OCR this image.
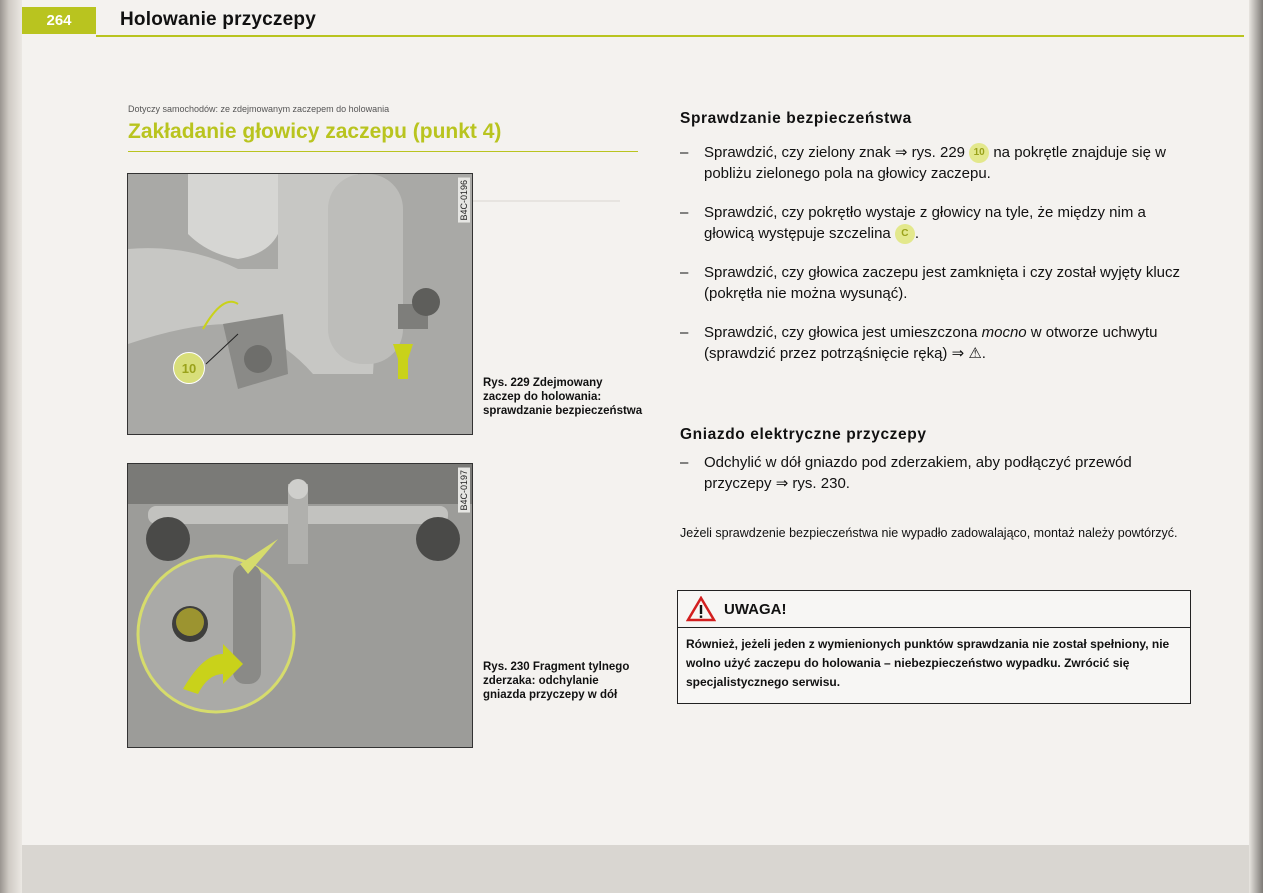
264	Holowanie przyczepy
Dotyczy samochodów: ze zdejmowanym zaczepem do holowania
Zakładanie głowicy zaczepu (punkt 4)
10
B4C-0196
Rys. 229 Zdejmowany zaczep do holowania: sprawdzanie bezpieczeństwa
B4C-0197
Rys. 230 Fragment tylnego zderzaka: odchylanie gniazda przyczepy w dół
Sprawdzanie bezpieczeństwa
– Sprawdzić, czy zielony znak ⇒ rys. 229 10 na pokrętle znajduje się w pobliżu zielonego pola na głowicy zaczepu.
– Sprawdzić, czy pokrętło wystaje z głowicy na tyle, że między nim a głowicą występuje szczelina C .
– Sprawdzić, czy głowica zaczepu jest zamknięta i czy został wyjęty klucz (pokrętła nie można wysunąć).
– Sprawdzić, czy głowica jest umieszczona mocno w otworze uchwytu (sprawdzić przez potrząśnięcie ręką) ⇒ ⚠.
Gniazdo elektryczne przyczepy
– Odchylić w dół gniazdo pod zderzakiem, aby podłączyć przewód przyczepy ⇒ rys. 230.
Jeżeli sprawdzenie bezpieczeństwa nie wypadło zadowalająco, montaż należy powtórzyć.
UWAGA!
Również, jeżeli jeden z wymienionych punktów sprawdzania nie został spełniony, nie wolno użyć zaczepu do holowania – niebezpieczeństwo wypadku. Zwrócić się specjalistycznego serwisu.
